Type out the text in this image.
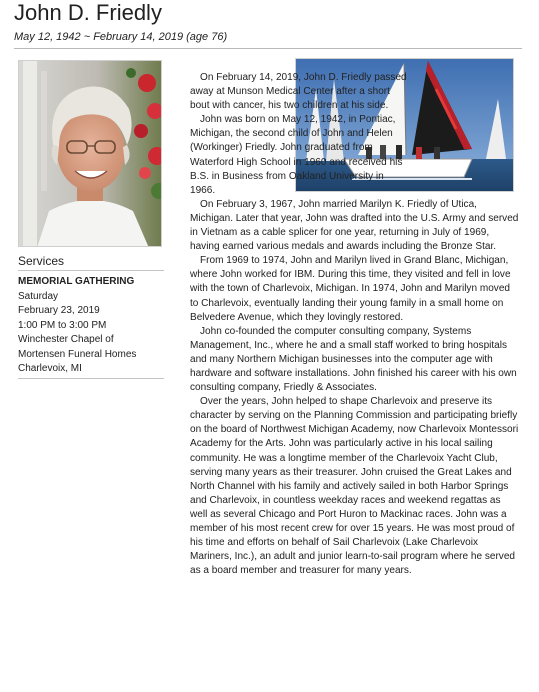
John D. Friedly
May 12, 1942 ~ February 14, 2019 (age 76)
Services
MEMORIAL GATHERING
Saturday
February 23, 2019
1:00 PM to 3:00 PM
Winchester Chapel of
Mortensen Funeral Homes
Charlevoix, MI

On February 14, 2019, John D. Friedly passed away at Munson Medical Center after a short bout with cancer, his two children at his side.

John was born on May 12, 1942, in Pontiac, Michigan, the second child of John and Helen (Workinger) Friedly. John graduated from Waterford High School in 1960 and received his B.S. in Business from Oakland University in 1966.

On February 3, 1967, John married Marilyn K. Friedly of Utica, Michigan. Later that year, John was drafted into the U.S. Army and served in Vietnam as a cable splicer for one year, returning in July of 1969, having earned various medals and awards including the Bronze Star.

From 1969 to 1974, John and Marilyn lived in Grand Blanc, Michigan, where John worked for IBM. During this time, they visited and fell in love with the town of Charlevoix, Michigan. In 1974, John and Marilyn moved to Charlevoix, eventually landing their young family in a small home on Belvedere Avenue, which they lovingly restored.

John co-founded the computer consulting company, Systems Management, Inc., where he and a small staff worked to bring hospitals and many Northern Michigan businesses into the computer age with hardware and software installations. John finished his career with his own consulting company, Friedly & Associates.

Over the years, John helped to shape Charlevoix and preserve its character by serving on the Planning Commission and participating briefly on the board of Northwest Michigan Academy, now Charlevoix Montessori Academy for the Arts. John was particularly active in his local sailing community. He was a longtime member of the Charlevoix Yacht Club, serving many years as their treasurer. John cruised the Great Lakes and North Channel with his family and actively sailed in both Harbor Springs and Charlevoix, in countless weekday races and weekend regattas as well as several Chicago and Port Huron to Mackinac races. John was a member of his most recent crew for over 15 years. He was most proud of his time and efforts on behalf of Sail Charlevoix (Lake Charlevoix Mariners, Inc.), an adult and junior learn-to-sail program where he served as a board member and treasurer for many years.
